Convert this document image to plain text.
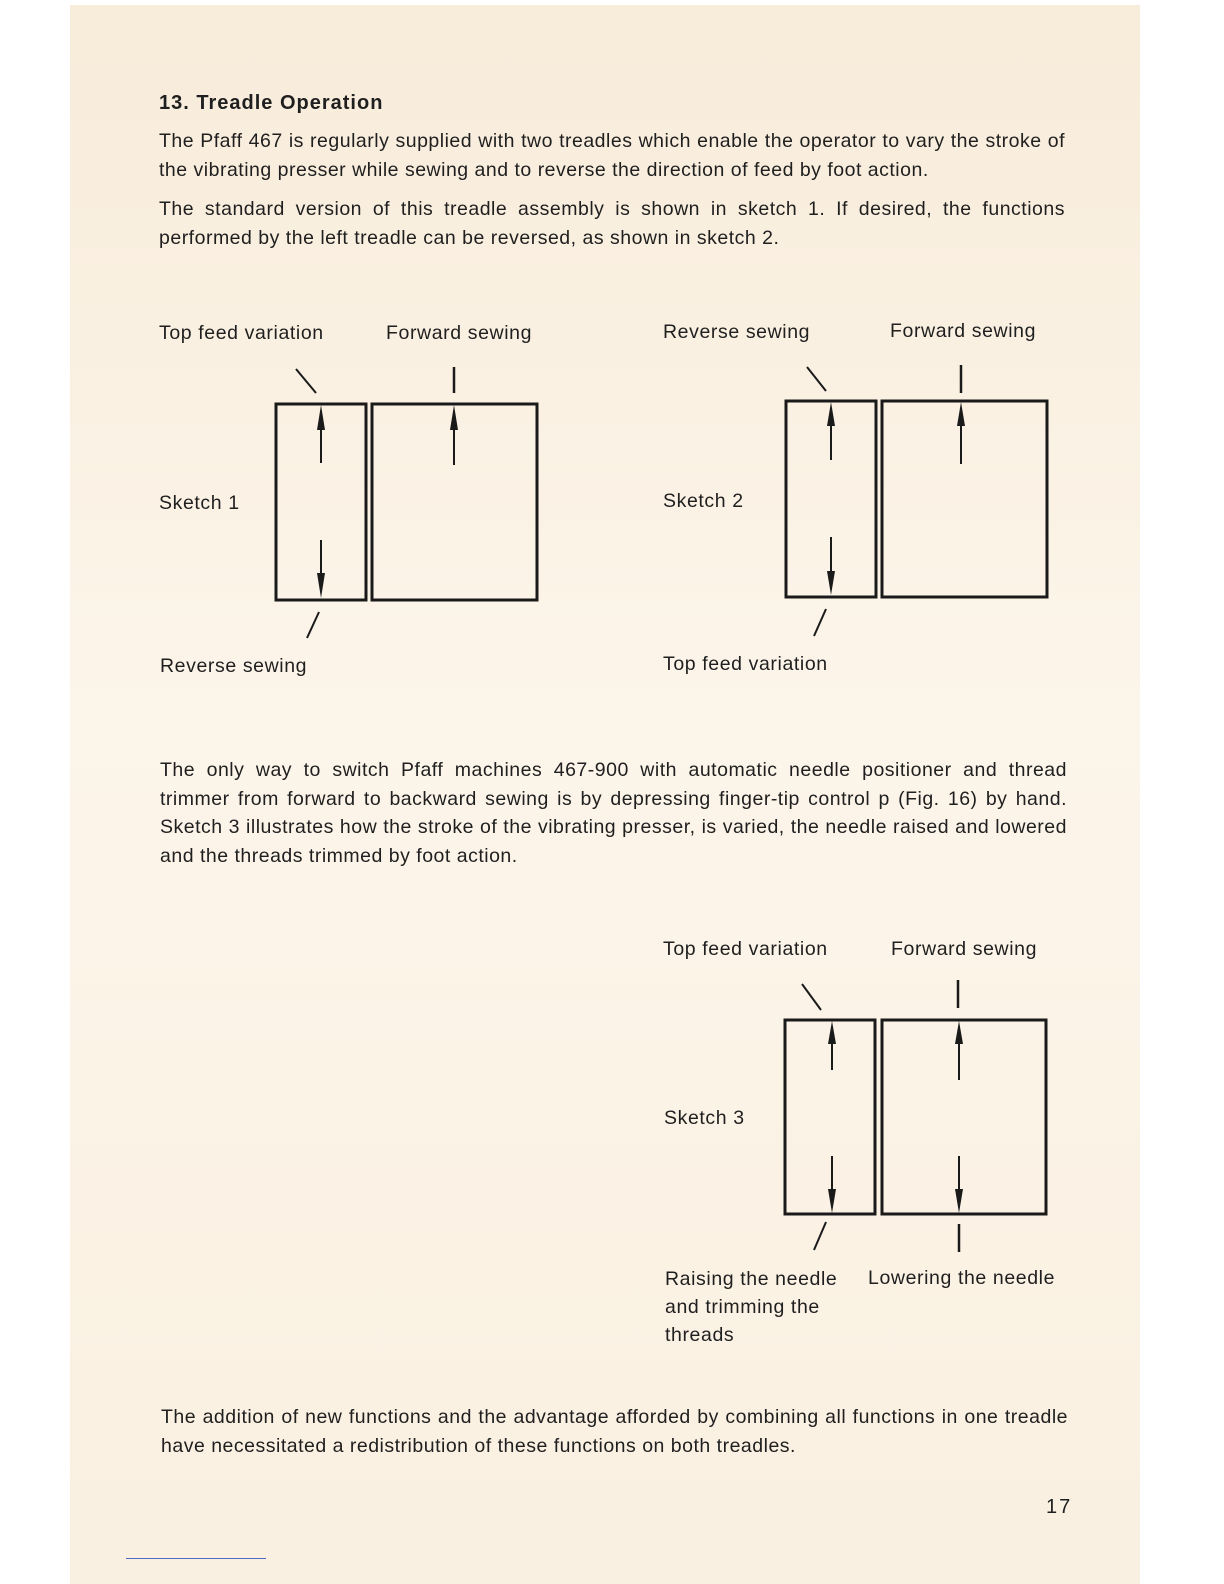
13. Treadle Operation

The Pfaff 467 is regularly supplied with two treadles which enable the operator to vary the stroke of the vibrating presser while sewing and to reverse the direction of feed by foot action.

The standard version of this treadle assembly is shown in sketch 1. If desired, the functions performed by the left treadle can be reversed, as shown in sketch 2.

Top feed variation	Forward sewing
Sketch 1
Reverse sewing
Reverse sewing	Forward sewing
Sketch 2
Top feed variation

The only way to switch Pfaff machines 467-900 with automatic needle positioner and thread trimmer from forward to backward sewing is by depressing finger-tip control p (Fig. 16) by hand. Sketch 3 illustrates how the stroke of the vibrating presser, is varied, the needle raised and lowered and the threads trimmed by foot action.

Top feed variation	Forward sewing
Sketch 3
Raising the needle
and trimming the
threads
Lowering the needle

The addition of new functions and the advantage afforded by combining all functions in one treadle have necessitated a redistribution of these functions on both treadles.

17
